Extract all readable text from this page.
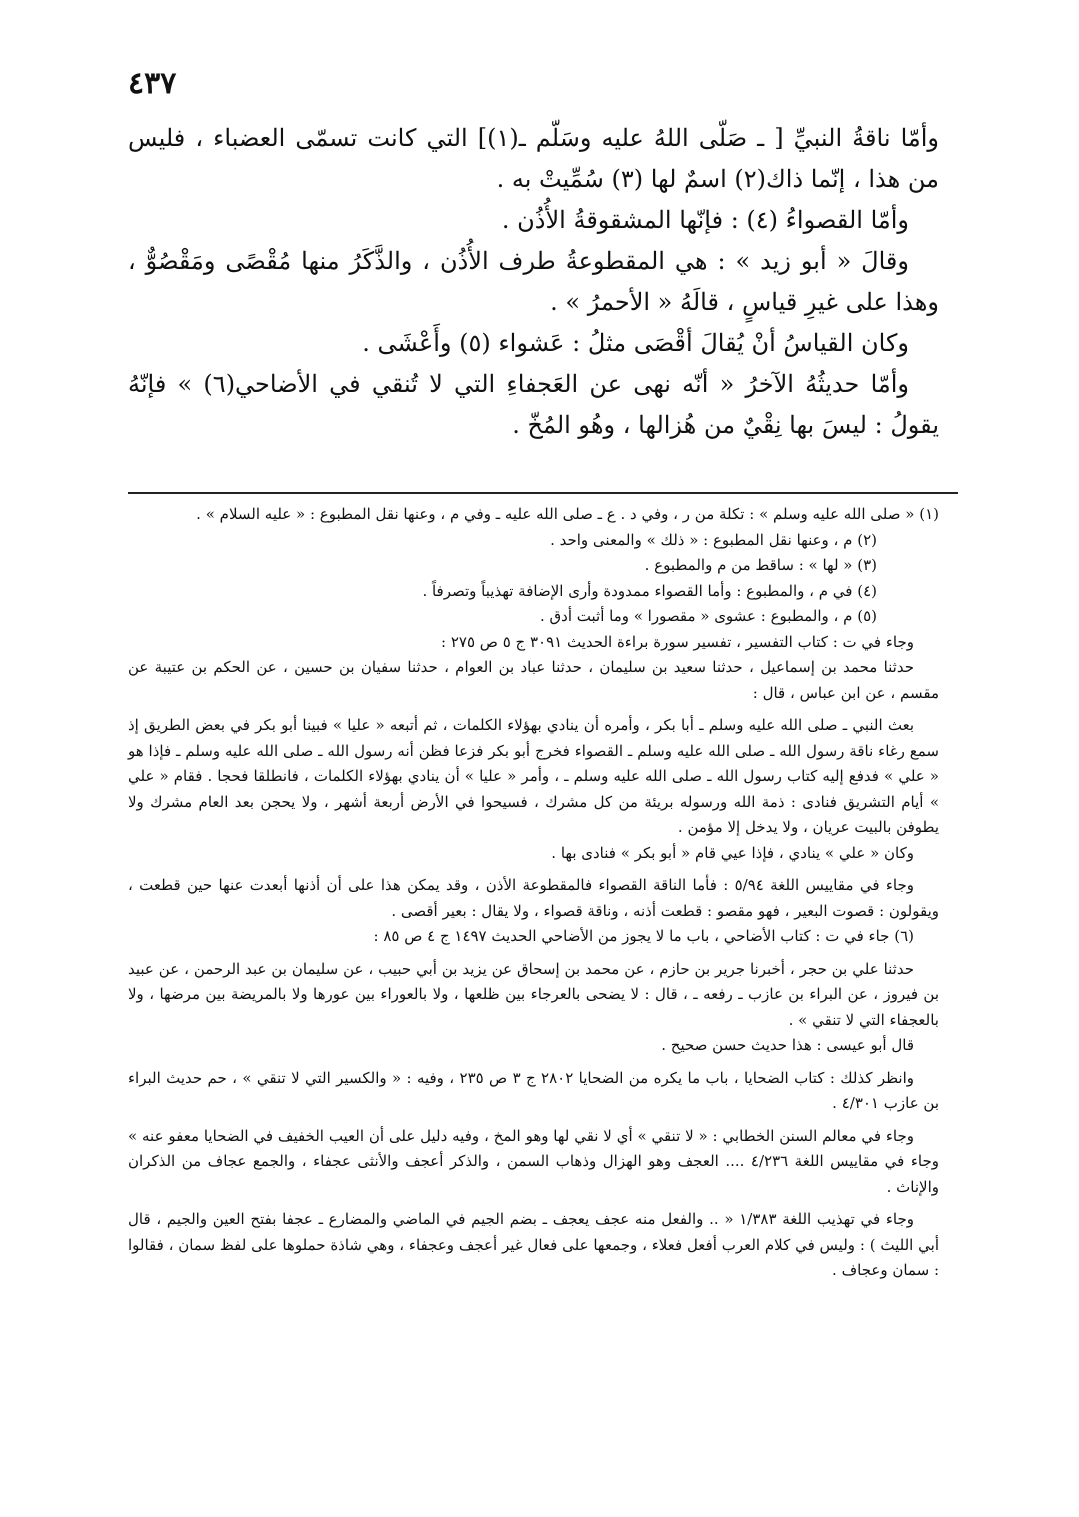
٤٣٧

وأمّا ناقةُ النبيِّ [ ـ صَلّى اللهُ عليه وسَلّم ـ(١)] التي كانت تسمّى العضباء ، فليس من هذا ، إنّما ذاك(٢) اسمٌ لها (٣) سُمِّيتْ به .

وأمّا القصواءُ (٤) : فإنّها المشقوقةُ الأُذُن .

وقالَ « أبو زيد » : هي المقطوعةُ طرف الأُذُن ، والذَّكَرُ منها مُقْصًى ومَقْصُوٌّ ، وهذا على غيرِ قياسٍ ، قالَهُ « الأحمرُ » .

وكان القياسُ أنْ يُقالَ أقْصَى مثلُ : عَشواء (٥) وأَعْشَى .

وأمّا حديثُهُ الآخرُ « أنّه نهى عن العَجفاءِ التي لا تُنقي في الأضاحي(٦) » فإنّهُ يقولُ : ليسَ بها نِقْيٌ من هُزالها ، وهُو المُخّ .

(١) « صلى الله عليه وسلم » : تكلة من ر ، وفي د . ع ـ صلى الله عليه ـ وفي م ، وعنها نقل المطبوع : « عليه السلام » .

(٢) م ، وعنها نقل المطبوع : « ذلك » والمعنى واحد .

(٣) « لها » : ساقط من م والمطبوع .

(٤) في م ، والمطبوع : وأما القصواء ممدودة وأرى الإضافة تهذيباً وتصرفاً .

(٥) م ، والمطبوع : عشوى « مقصورا » وما أثبت أدق .

وجاء في ت : كتاب التفسير ، تفسير سورة براءة الحديث ٣٠٩١ ج ٥ ص ٢٧٥ :

حدثنا محمد بن إسماعيل ، حدثنا سعيد بن سليمان ، حدثنا عباد بن العوام ، حدثنا سفيان بن حسين ، عن الحكم بن عتيبة عن مقسم ، عن ابن عباس ، قال :

بعث النبي ـ صلى الله عليه وسلم ـ أبا بكر ، وأمره أن ينادي بهؤلاء الكلمات ، ثم أتبعه « عليا » فبينا أبو بكر في بعض الطريق إذ سمع رغاء ناقة رسول الله ـ صلى الله عليه وسلم ـ القصواء فخرج أبو بكر فزعا فظن أنه رسول الله ـ صلى الله عليه وسلم ـ فإذا هو « علي » فدفع إليه كتاب رسول الله ـ صلى الله عليه وسلم ـ ، وأمر « عليا » أن ينادي بهؤلاء الكلمات ، فانطلقا فحجا . فقام « علي » أيام التشريق فنادى : ذمة الله ورسوله بريئة من كل مشرك ، فسيحوا في الأرض أربعة أشهر ، ولا يحجن بعد العام مشرك ولا يطوفن بالبيت عريان ، ولا يدخل إلا مؤمن .

وكان « علي » ينادي ، فإذا عيي قام « أبو بكر » فنادى بها .

وجاء في مقاييس اللغة ٥/٩٤ : فأما الناقة القصواء فالمقطوعة الأذن ، وقد يمكن هذا على أن أذنها أبعدت عنها حين قطعت ، ويقولون : قصوت البعير ، فهو مقصو : قطعت أذنه ، وناقة قصواء ، ولا يقال : بعير أقصى .

(٦) جاء في ت : كتاب الأضاحي ، باب ما لا يجوز من الأضاحي الحديث ١٤٩٧ ج ٤ ص ٨٥ :

حدثنا علي بن حجر ، أخبرنا جرير بن حازم ، عن محمد بن إسحاق عن يزيد بن أبي حبيب ، عن سليمان بن عبد الرحمن ، عن عبيد بن فيروز ، عن البراء بن عازب ـ رفعه ـ ، قال : لا يضحى بالعرجاء بين ظلعها ، ولا بالعوراء بين عورها ولا بالمريضة بين مرضها ، ولا بالعجفاء التي لا تنقي » .

قال أبو عيسى : هذا حديث حسن صحيح .

وانظر كذلك : كتاب الضحايا ، باب ما يكره من الضحايا ٢٨٠٢ ج ٣ ص ٢٣٥ ، وفيه : « والكسير التي لا تنقي » ، حم حديث البراء بن عازب ٤/٣٠١ .

وجاء في معالم السنن الخطابي : « لا تنقي » أي لا نقي لها وهو المخ ، وفيه دليل على أن العيب الخفيف في الضحايا معفو عنه » وجاء في مقاييس اللغة ٤/٢٣٦ .... العجف وهو الهزال وذهاب السمن ، والذكر أعجف والأنثى عجفاء ، والجمع عجاف من الذكران والإناث .

وجاء في تهذيب اللغة ١/٣٨٣ « .. والفعل منه عجف يعجف ـ بضم الجيم في الماضي والمضارع ـ عجفا بفتح العين والجيم ، قال أبي الليث ) : وليس في كلام العرب أفعل فعلاء ، وجمعها على فعال غير أعجف وعجفاء ، وهي شاذة حملوها على لفظ سمان ، فقالوا : سمان وعجاف .
